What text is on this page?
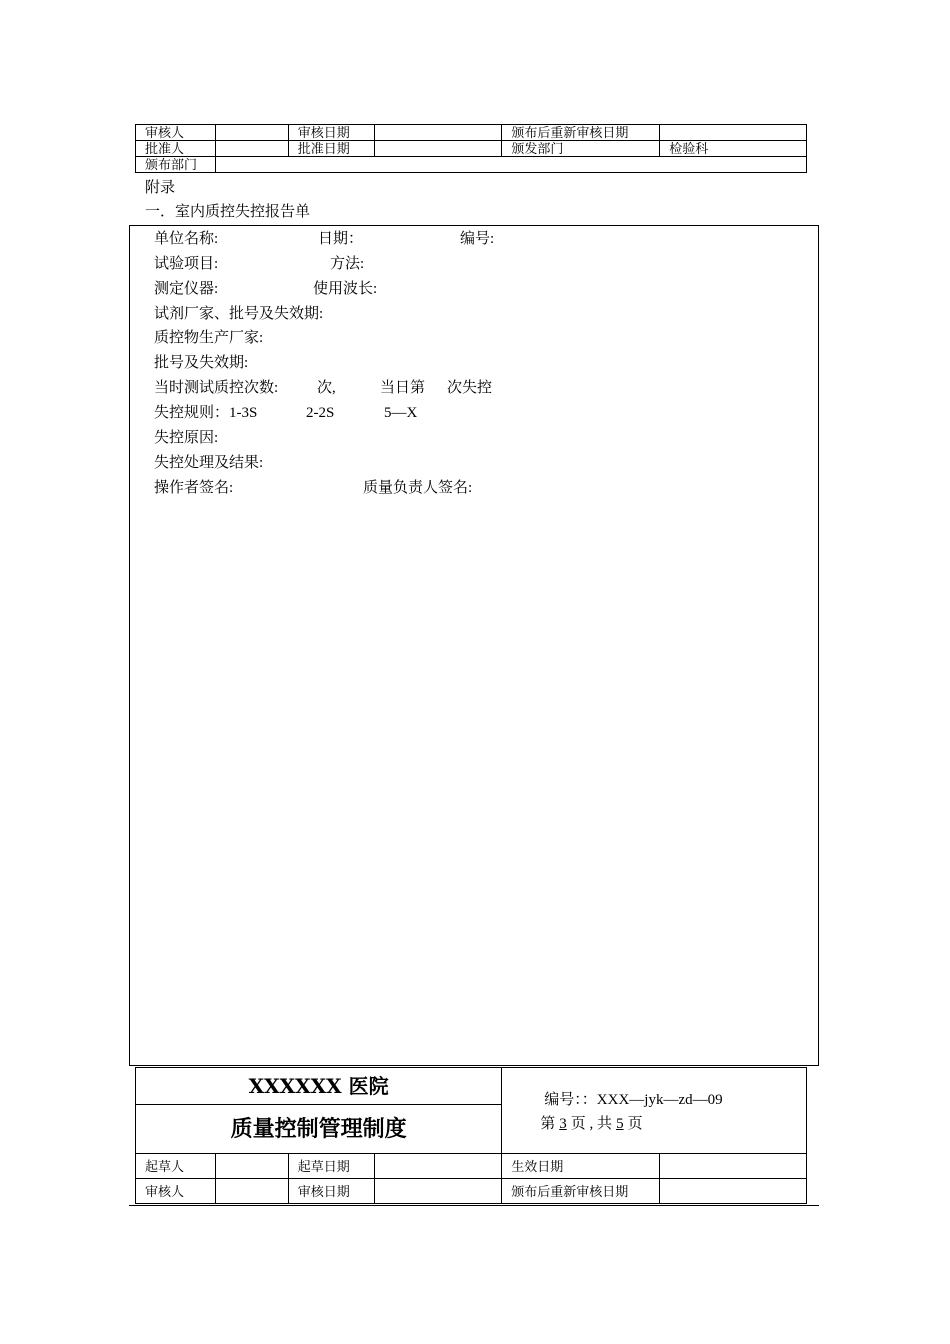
审核人		审核日期		颁布后重新审核日期	
批准人		批准日期		颁发部门	检验科
颁布部门					
附录
一．室内质控失控报告单
单位名称:	日期：	编号:
试验项目:	方法:
测定仪器:	使用波长:
试剂厂家、批号及失效期:
质控物生产厂家:
批号及失效期:
当时测试质控次数:	次,	当日第 次失控
失控规则：1-3S	2-2S	5—X
失控原因:
失控处理及结果:
操作者签名:	质量负责人签名:
XXXXXX 医院				编号：：XXX—jyk—zd—09
第 3 页 , 共 5 页	

质量控制管理制度					
起草人		起草日期		生效日期	
审核人		审核日期		颁布后重新审核日期	
